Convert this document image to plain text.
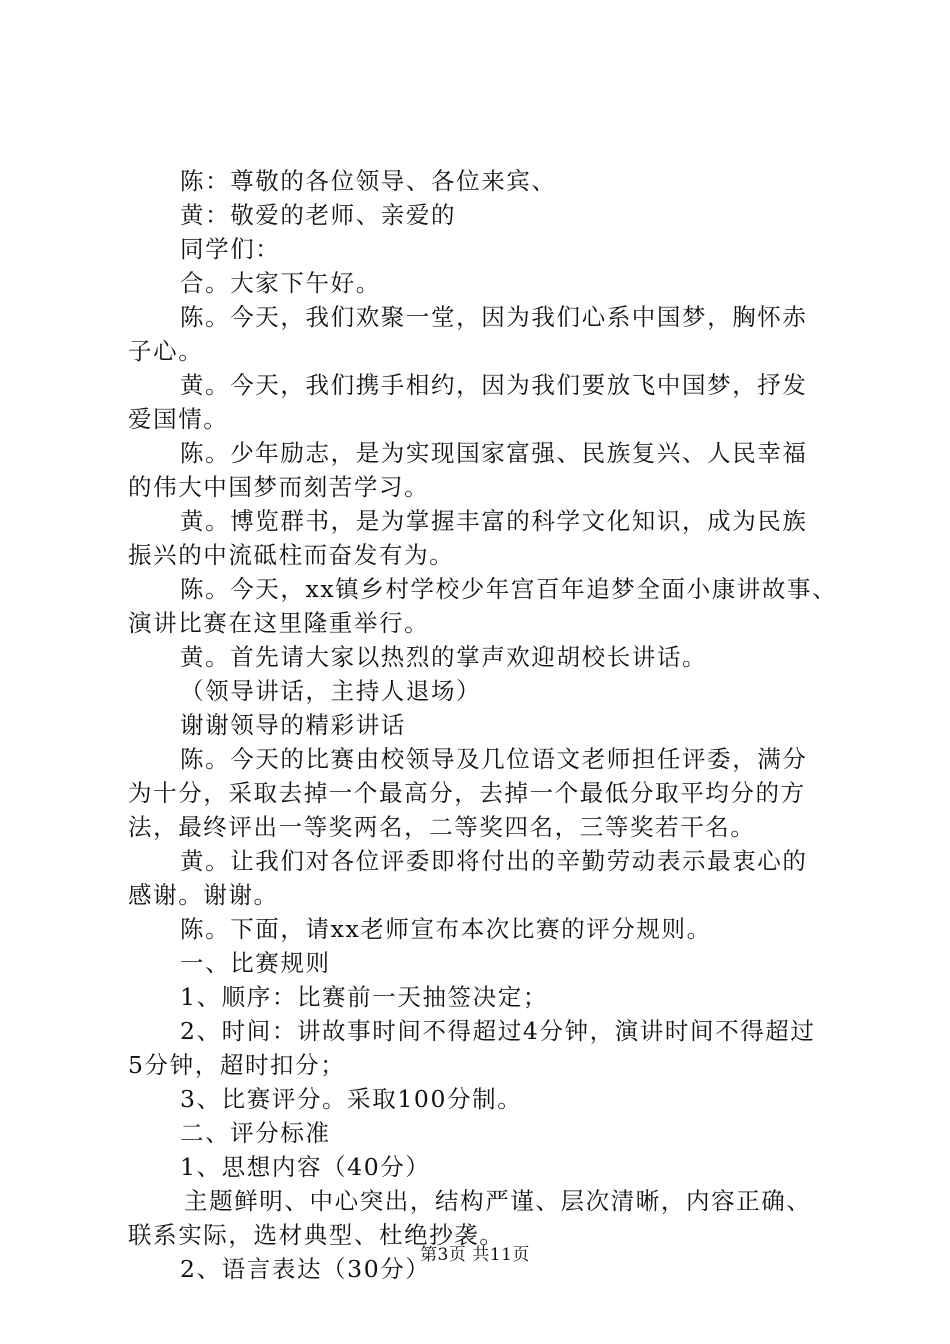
陈：尊敬的各位领导、各位来宾、
黄：敬爱的老师、亲爱的
同学们：
合。大家下午好。
陈。今天，我们欢聚一堂，因为我们心系中国梦，胸怀赤
子心。
黄。今天，我们携手相约，因为我们要放飞中国梦，抒发
爱国情。
陈。少年励志，是为实现国家富强、民族复兴、人民幸福
的伟大中国梦而刻苦学习。
黄。博览群书，是为掌握丰富的科学文化知识，成为民族
振兴的中流砥柱而奋发有为。
陈。今天，xx镇乡村学校少年宫百年追梦全面小康讲故事、
演讲比赛在这里隆重举行。
黄。首先请大家以热烈的掌声欢迎胡校长讲话。
（领导讲话，主持人退场）
谢谢领导的精彩讲话
陈。今天的比赛由校领导及几位语文老师担任评委，满分
为十分，采取去掉一个最高分，去掉一个最低分取平均分的方
法，最终评出一等奖两名，二等奖四名，三等奖若干名。
黄。让我们对各位评委即将付出的辛勤劳动表示最衷心的
感谢。谢谢。
陈。下面，请xx老师宣布本次比赛的评分规则。
一、比赛规则
1、顺序：比赛前一天抽签决定；
2、时间：讲故事时间不得超过4分钟，演讲时间不得超过
5分钟，超时扣分；
3、比赛评分。采取100分制。
二、评分标准
1、思想内容（40分）
主题鲜明、中心突出，结构严谨、层次清晰，内容正确、
联系实际，选材典型、杜绝抄袭。
2、语言表达（30分）
第3页 共11页
